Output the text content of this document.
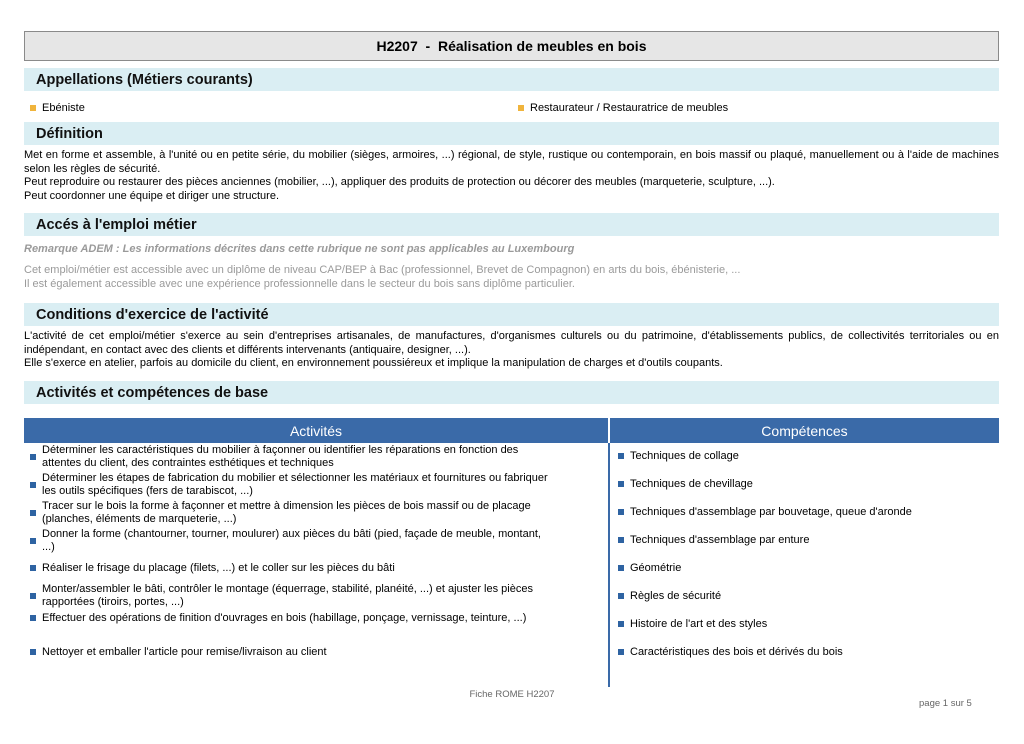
H2207  -  Réalisation de meubles en bois
Appellations (Métiers courants)
Ebéniste	Restaurateur / Restauratrice de meubles
Définition

Met en forme et assemble, à l'unité ou en petite série, du mobilier (sièges, armoires, ...) régional, de style, rustique ou contemporain, en bois massif ou plaqué, manuellement ou à l'aide de machines selon les règles de sécurité.

Peut reproduire ou restaurer des pièces anciennes (mobilier, ...), appliquer des produits de protection ou décorer des meubles (marqueterie, sculpture, ...).

Peut coordonner une équipe et diriger une structure.

Accés à l'emploi métier
Remarque ADEM : Les informations décrites dans cette rubrique ne sont pas applicables au Luxembourg

Cet emploi/métier est accessible avec un diplôme de niveau CAP/BEP à Bac (professionnel, Brevet de Compagnon) en arts du bois, ébénisterie, ...

Il est également accessible avec une expérience professionnelle dans le secteur du bois sans diplôme particulier.

Conditions d'exercice de l'activité

L'activité de cet emploi/métier s'exerce au sein d'entreprises artisanales, de manufactures, d'organismes culturels ou du patrimoine, d'établissements publics, de collectivités territoriales ou en indépendant, en contact avec des clients et différents intervenants (antiquaire, designer, ...).

Elle s'exerce en atelier, parfois au domicile du client, en environnement poussiéreux et implique la manipulation de charges et d'outils coupants.

Activités et compétences de base
Activités	Compétences
Déterminer les caractéristiques du mobilier à façonner ou identifier les réparations en fonction des attentes du client, des contraintes esthétiques et techniques
Déterminer les étapes de fabrication du mobilier et sélectionner les matériaux et fournitures ou fabriquer les outils spécifiques (fers de tarabiscot, ...)
Tracer sur le bois la forme à façonner et mettre à dimension les pièces de bois massif ou de placage (planches, éléments de marqueterie, ...)
Donner la forme (chantourner, tourner, moulurer) aux pièces du bâti (pied, façade de meuble, montant, ...)
Réaliser le frisage du placage (filets, ...) et le coller sur les pièces du bâti
Monter/assembler le bâti, contrôler le montage (équerrage, stabilité, planéité, ...) et ajuster les pièces rapportées (tiroirs, portes, ...)
Effectuer des opérations de finition d'ouvrages en bois (habillage, ponçage, vernissage, teinture, ...)
Nettoyer et emballer l'article pour remise/livraison au client
Techniques de collage
Techniques de chevillage
Techniques d'assemblage par bouvetage, queue d'aronde
Techniques d'assemblage par enture
Géométrie
Règles de sécurité
Histoire de l'art et des styles
Caractéristiques des bois et dérivés du bois
Fiche ROME H2207
page 1 sur 5
